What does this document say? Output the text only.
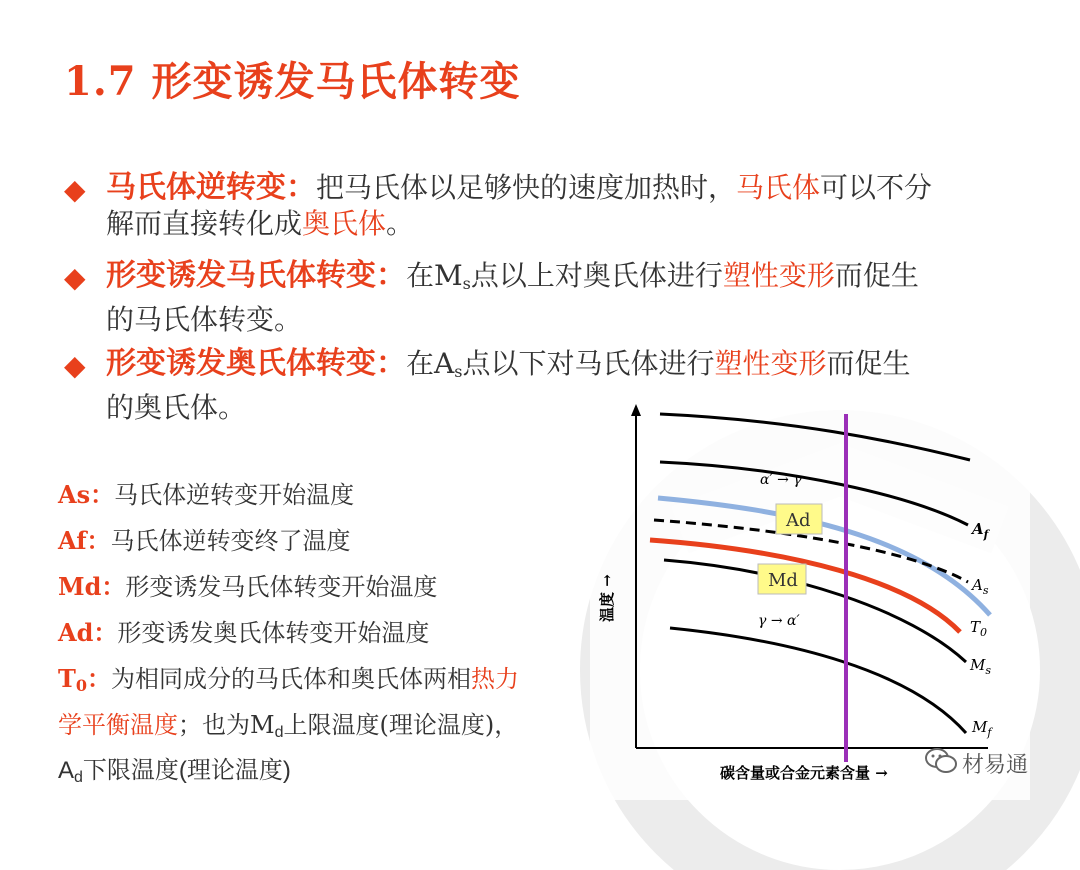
1.7 形变诱发马氏体转变
◆ 马氏体逆转变：把马氏体以足够快的速度加热时，马氏体可以不分
解而直接转化成奥氏体。
◆ 形变诱发马氏体转变：在$M_s$点以上对奥氏体进行塑性变形而促生
的马氏体转变。
◆ 形变诱发奥氏体转变：在$A_s$点以下对马氏体进行塑性变形而促生
的奥氏体。
As：马氏体逆转变开始温度
Af：马氏体逆转变终了温度
Md：形变诱发马氏体转变开始温度
Ad：形变诱发奥氏体转变开始温度
$T_0$：为相同成分的马氏体和奥氏体两相热力
学平衡温度；也为$M_d$上限温度(理论温度)，
$A_d$下限温度(理论温度)
温度 →
碳含量或合金元素含量 →
α′ → γ
γ → α′
$A_f$
$A_s$
$T_0$
$M_s$
$M_f$
Ad
Md
材易通
